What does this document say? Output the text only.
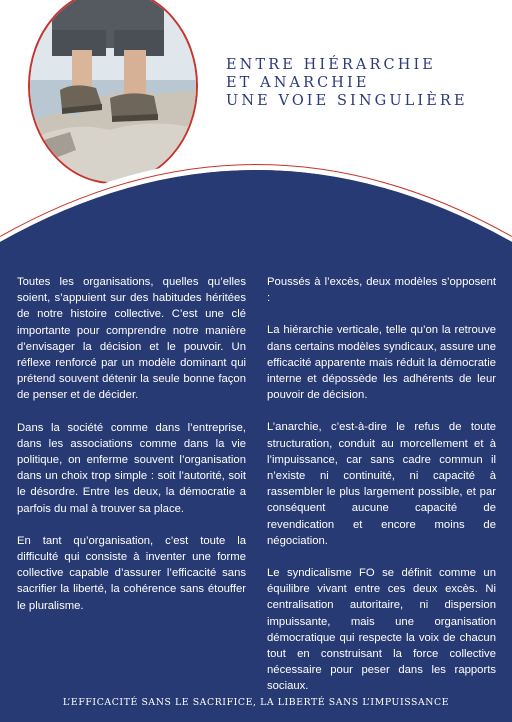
ENTRE HIÉRARCHIE
ET ANARCHIE
UNE VOIE SINGULIÈRE

Toutes les organisations, quelles qu’elles soient, s’appuient sur des habitudes héritées de notre histoire collective. C’est une clé importante pour comprendre notre manière d’envisager la décision et le pouvoir. Un réflexe renforcé par un modèle dominant qui prétend souvent détenir la seule bonne façon de penser et de décider.

Dans la société comme dans l’entreprise, dans les associations comme dans la vie politique, on enferme souvent l’organisation dans un choix trop simple : soit l’autorité, soit le désordre. Entre les deux, la démocratie a parfois du mal à trouver sa place.

En tant qu’organisation, c’est toute la difficulté qui consiste à inventer une forme collective capable d’assurer l’efficacité sans sacrifier la liberté, la cohérence sans étouffer le pluralisme.

Poussés à l’excès, deux modèles s’opposent :

La hiérarchie verticale, telle qu’on la retrouve dans certains modèles syndicaux, assure une efficacité apparente mais réduit la démocratie interne et dépossède les adhérents de leur pouvoir de décision.

L’anarchie, c’est-à-dire le refus de toute structuration, conduit au morcellement et à l’impuissance, car sans cadre commun il n’existe ni continuité, ni capacité à rassembler le plus largement possible, et par conséquent aucune capacité de revendication et encore moins de négociation.

Le syndicalisme FO se définit comme un équilibre vivant entre ces deux excès. Ni centralisation autoritaire, ni dispersion impuissante, mais une organisation démocratique qui respecte la voix de chacun tout en construisant la force collective nécessaire pour peser dans les rapports sociaux.

L’EFFICACITÉ SANS LE SACRIFICE, LA LIBERTÉ SANS L’IMPUISSANCE
